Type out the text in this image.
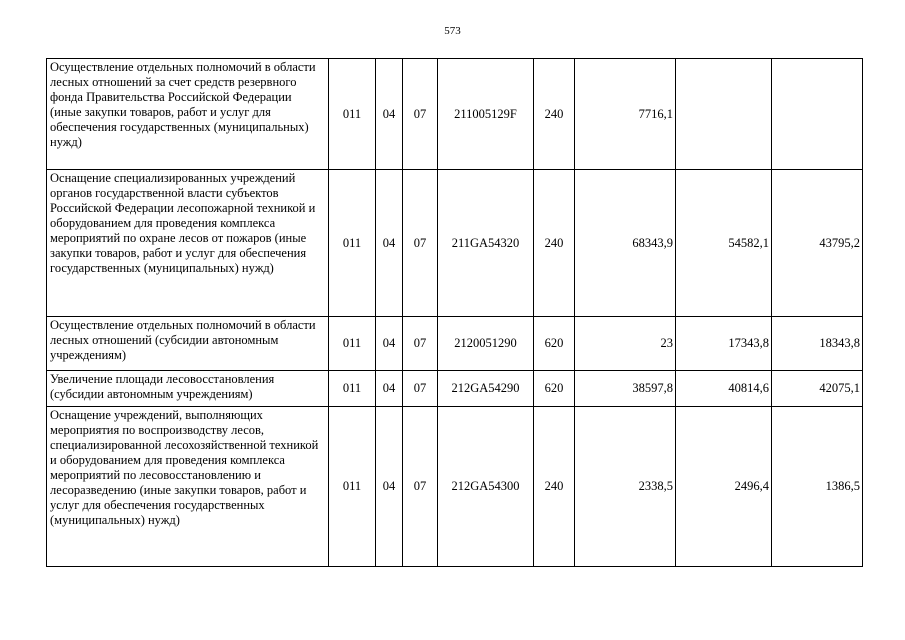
573
Осуществление отдельных полномочий в области лесных отношений за счет средств резервного фонда Правительства Российской Федерации (иные закупки товаров, работ и услуг для обеспечения государственных (муниципальных) нужд)	011	04	07	211005129F	240	7716,1		
Оснащение специализированных учреждений органов государственной власти субъектов Российской Федерации лесопожарной техникой и оборудованием для проведения комплекса мероприятий по охране лесов от пожаров (иные закупки товаров, работ и услуг для обеспечения государственных (муниципальных) нужд)	011	04	07	211GA54320	240	68343,9	54582,1	43795,2
Осуществление отдельных полномочий в области лесных отношений (субсидии автономным учреждениям)	011	04	07	2120051290	620	23	17343,8	18343,8
Увеличение площади лесовосстановления (субсидии автономным учреждениям)	011	04	07	212GA54290	620	38597,8	40814,6	42075,1
Оснащение учреждений, выполняющих мероприятия по воспроизводству лесов, специализированной лесохозяйственной техникой и оборудованием для проведения комплекса мероприятий по лесовосстановлению и лесоразведению (иные закупки товаров, работ и услуг для обеспечения государственных (муниципальных) нужд)	011	04	07	212GA54300	240	2338,5	2496,4	1386,5
